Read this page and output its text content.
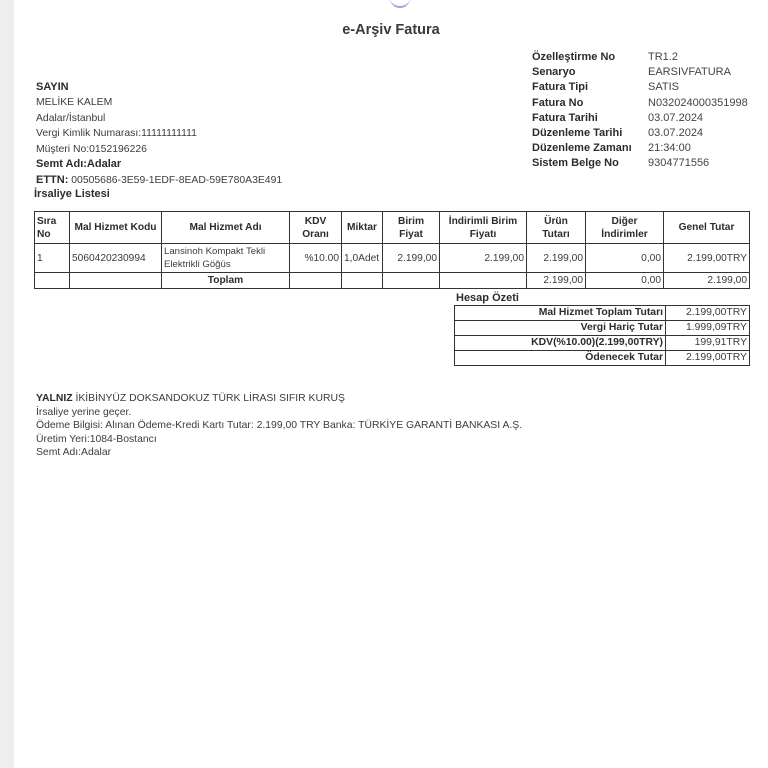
e-Arşiv Fatura
Özelleştirme No	TR1.2
Senaryo	EARSIVFATURA
Fatura Tipi	SATIS
Fatura No	N032024000351998
Fatura Tarihi	03.07.2024
Düzenleme Tarihi	03.07.2024
Düzenleme Zamanı	21:34:00
Sistem Belge No	9304771556
SAYIN
MELİKE KALEM
Adalar/İstanbul
Vergi Kimlik Numarası:11111111111
Müşteri No:0152196226
Semt Adı:Adalar
ETTN: 00505686-3E59-1EDF-8EAD-59E780A3E491
İrsaliye Listesi
Sıra No	Mal Hizmet Kodu	Mal Hizmet Adı	KDV Oranı	Miktar	Birim Fiyat	İndirimli Birim Fiyatı	Ürün Tutarı	Diğer İndirimler	Genel Tutar
1	5060420230994	Lansinoh Kompakt Tekli Elektrikli Göğüs	%10.00	1,0Adet	2.199,00	2.199,00	2.199,00	0,00	2.199,00TRY
		Toplam					2.199,00	0,00	2.199,00
Hesap Özeti
Mal Hizmet Toplam Tutarı	2.199,00TRY
Vergi Hariç Tutar	1.999,09TRY
KDV(%10.00)(2.199,00TRY)	199,91TRY
Ödenecek Tutar	2.199,00TRY
YALNIZ İKİBİNYÜZ DOKSANDOKUZ TÜRK LİRASI SIFIR KURUŞ
İrsaliye yerine geçer.
Ödeme Bilgisi: Alınan Ödeme-Kredi Kartı Tutar: 2.199,00 TRY Banka: TÜRKİYE GARANTİ BANKASI A.Ş.
Üretim Yeri:1084-Bostancı
Semt Adı:Adalar
